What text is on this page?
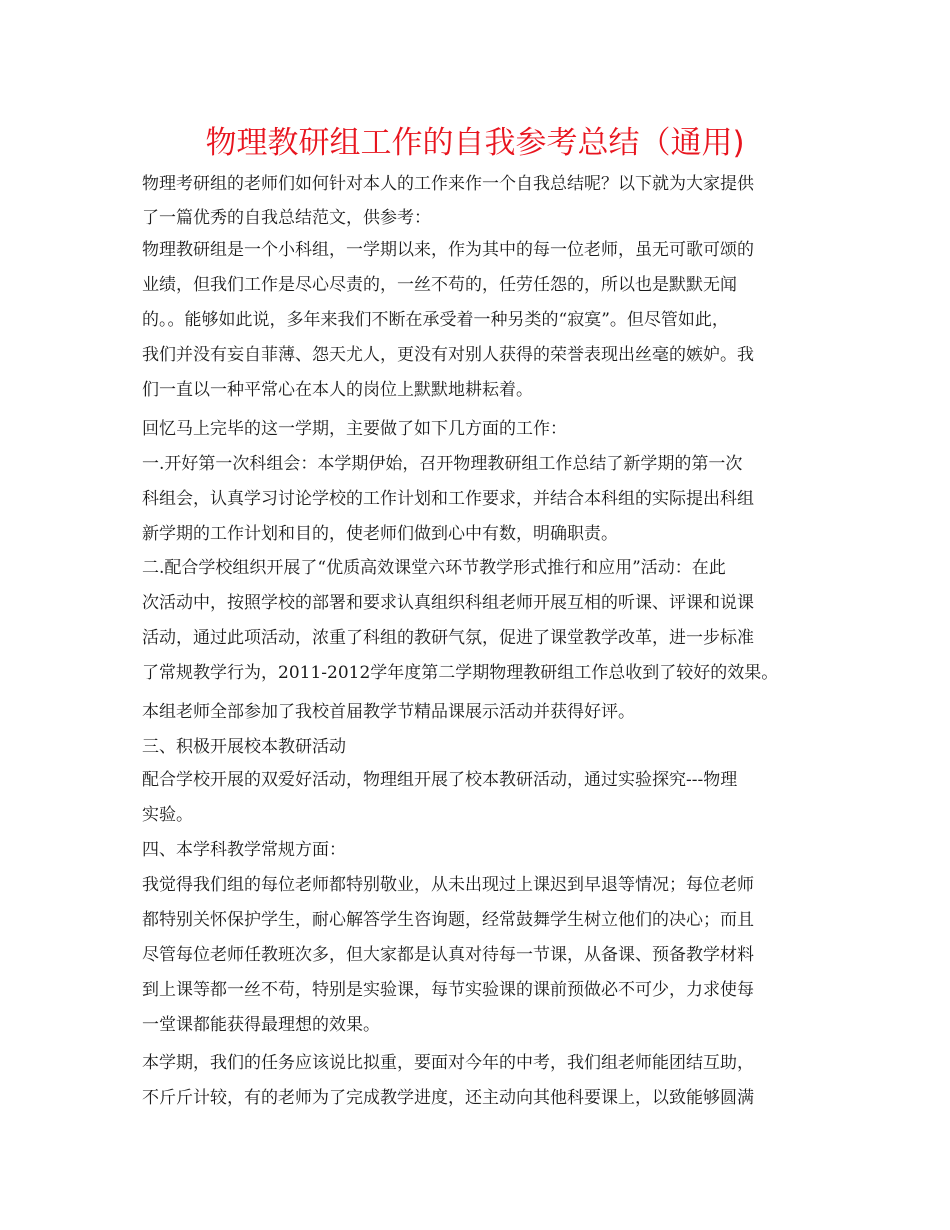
物理教研组工作的自我参考总结（通用)
物理考研组的老师们如何针对本人的工作来作一个自我总结呢？以下就为大家提供
了一篇优秀的自我总结范文，供参考：
物理教研组是一个小科组，一学期以来，作为其中的每一位老师，虽无可歌可颂的
业绩，但我们工作是尽心尽责的，一丝不苟的，任劳任怨的，所以也是默默无闻
的。。能够如此说，多年来我们不断在承受着一种另类的“寂寞”。但尽管如此，
我们并没有妄自菲薄、怨天尤人，更没有对别人获得的荣誉表现出丝毫的嫉妒。我
们一直以一种平常心在本人的岗位上默默地耕耘着。
回忆马上完毕的这一学期，主要做了如下几方面的工作：
一.开好第一次科组会：本学期伊始，召开物理教研组工作总结了新学期的第一次
科组会，认真学习讨论学校的工作计划和工作要求，并结合本科组的实际提出科组
新学期的工作计划和目的，使老师们做到心中有数，明确职责。
二.配合学校组织开展了“优质高效课堂六环节教学形式推行和应用”活动：在此
次活动中，按照学校的部署和要求认真组织科组老师开展互相的听课、评课和说课
活动，通过此项活动，浓重了科组的教研气氛，促进了课堂教学改革，进一步标准
了常规教学行为，2011-2012学年度第二学期物理教研组工作总收到了较好的效果。
本组老师全部参加了我校首届教学节精品课展示活动并获得好评。
三、积极开展校本教研活动
配合学校开展的双爱好活动，物理组开展了校本教研活动，通过实验探究---物理
实验。
四、本学科教学常规方面：
我觉得我们组的每位老师都特别敬业，从未出现过上课迟到早退等情况；每位老师
都特别关怀保护学生，耐心解答学生咨询题，经常鼓舞学生树立他们的决心；而且
尽管每位老师任教班次多，但大家都是认真对待每一节课，从备课、预备教学材料
到上课等都一丝不苟，特别是实验课，每节实验课的课前预做必不可少，力求使每
一堂课都能获得最理想的效果。
本学期，我们的任务应该说比拟重，要面对今年的中考，我们组老师能团结互助，
不斤斤计较，有的老师为了完成教学进度，还主动向其他科要课上，以致能够圆满
